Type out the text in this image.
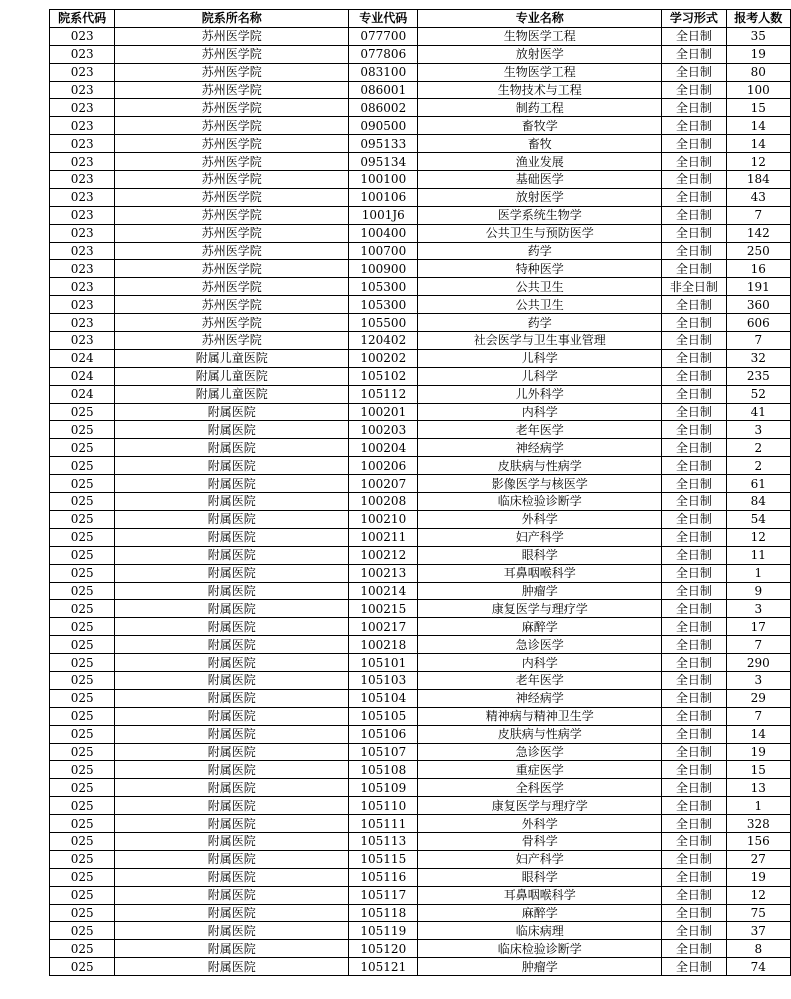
院系代码	院系所名称	专业代码	专业名称	学习形式	报考人数
023	苏州医学院	077700	生物医学工程	全日制	35
023	苏州医学院	077806	放射医学	全日制	19
023	苏州医学院	083100	生物医学工程	全日制	80
023	苏州医学院	086001	生物技术与工程	全日制	100
023	苏州医学院	086002	制药工程	全日制	15
023	苏州医学院	090500	畜牧学	全日制	14
023	苏州医学院	095133	畜牧	全日制	14
023	苏州医学院	095134	渔业发展	全日制	12
023	苏州医学院	100100	基础医学	全日制	184
023	苏州医学院	100106	放射医学	全日制	43
023	苏州医学院	1001J6	医学系统生物学	全日制	7
023	苏州医学院	100400	公共卫生与预防医学	全日制	142
023	苏州医学院	100700	药学	全日制	250
023	苏州医学院	100900	特种医学	全日制	16
023	苏州医学院	105300	公共卫生	非全日制	191
023	苏州医学院	105300	公共卫生	全日制	360
023	苏州医学院	105500	药学	全日制	606
023	苏州医学院	120402	社会医学与卫生事业管理	全日制	7
024	附属儿童医院	100202	儿科学	全日制	32
024	附属儿童医院	105102	儿科学	全日制	235
024	附属儿童医院	105112	儿外科学	全日制	52
025	附属医院	100201	内科学	全日制	41
025	附属医院	100203	老年医学	全日制	3
025	附属医院	100204	神经病学	全日制	2
025	附属医院	100206	皮肤病与性病学	全日制	2
025	附属医院	100207	影像医学与核医学	全日制	61
025	附属医院	100208	临床检验诊断学	全日制	84
025	附属医院	100210	外科学	全日制	54
025	附属医院	100211	妇产科学	全日制	12
025	附属医院	100212	眼科学	全日制	11
025	附属医院	100213	耳鼻咽喉科学	全日制	1
025	附属医院	100214	肿瘤学	全日制	9
025	附属医院	100215	康复医学与理疗学	全日制	3
025	附属医院	100217	麻醉学	全日制	17
025	附属医院	100218	急诊医学	全日制	7
025	附属医院	105101	内科学	全日制	290
025	附属医院	105103	老年医学	全日制	3
025	附属医院	105104	神经病学	全日制	29
025	附属医院	105105	精神病与精神卫生学	全日制	7
025	附属医院	105106	皮肤病与性病学	全日制	14
025	附属医院	105107	急诊医学	全日制	19
025	附属医院	105108	重症医学	全日制	15
025	附属医院	105109	全科医学	全日制	13
025	附属医院	105110	康复医学与理疗学	全日制	1
025	附属医院	105111	外科学	全日制	328
025	附属医院	105113	骨科学	全日制	156
025	附属医院	105115	妇产科学	全日制	27
025	附属医院	105116	眼科学	全日制	19
025	附属医院	105117	耳鼻咽喉科学	全日制	12
025	附属医院	105118	麻醉学	全日制	75
025	附属医院	105119	临床病理	全日制	37
025	附属医院	105120	临床检验诊断学	全日制	8
025	附属医院	105121	肿瘤学	全日制	74
